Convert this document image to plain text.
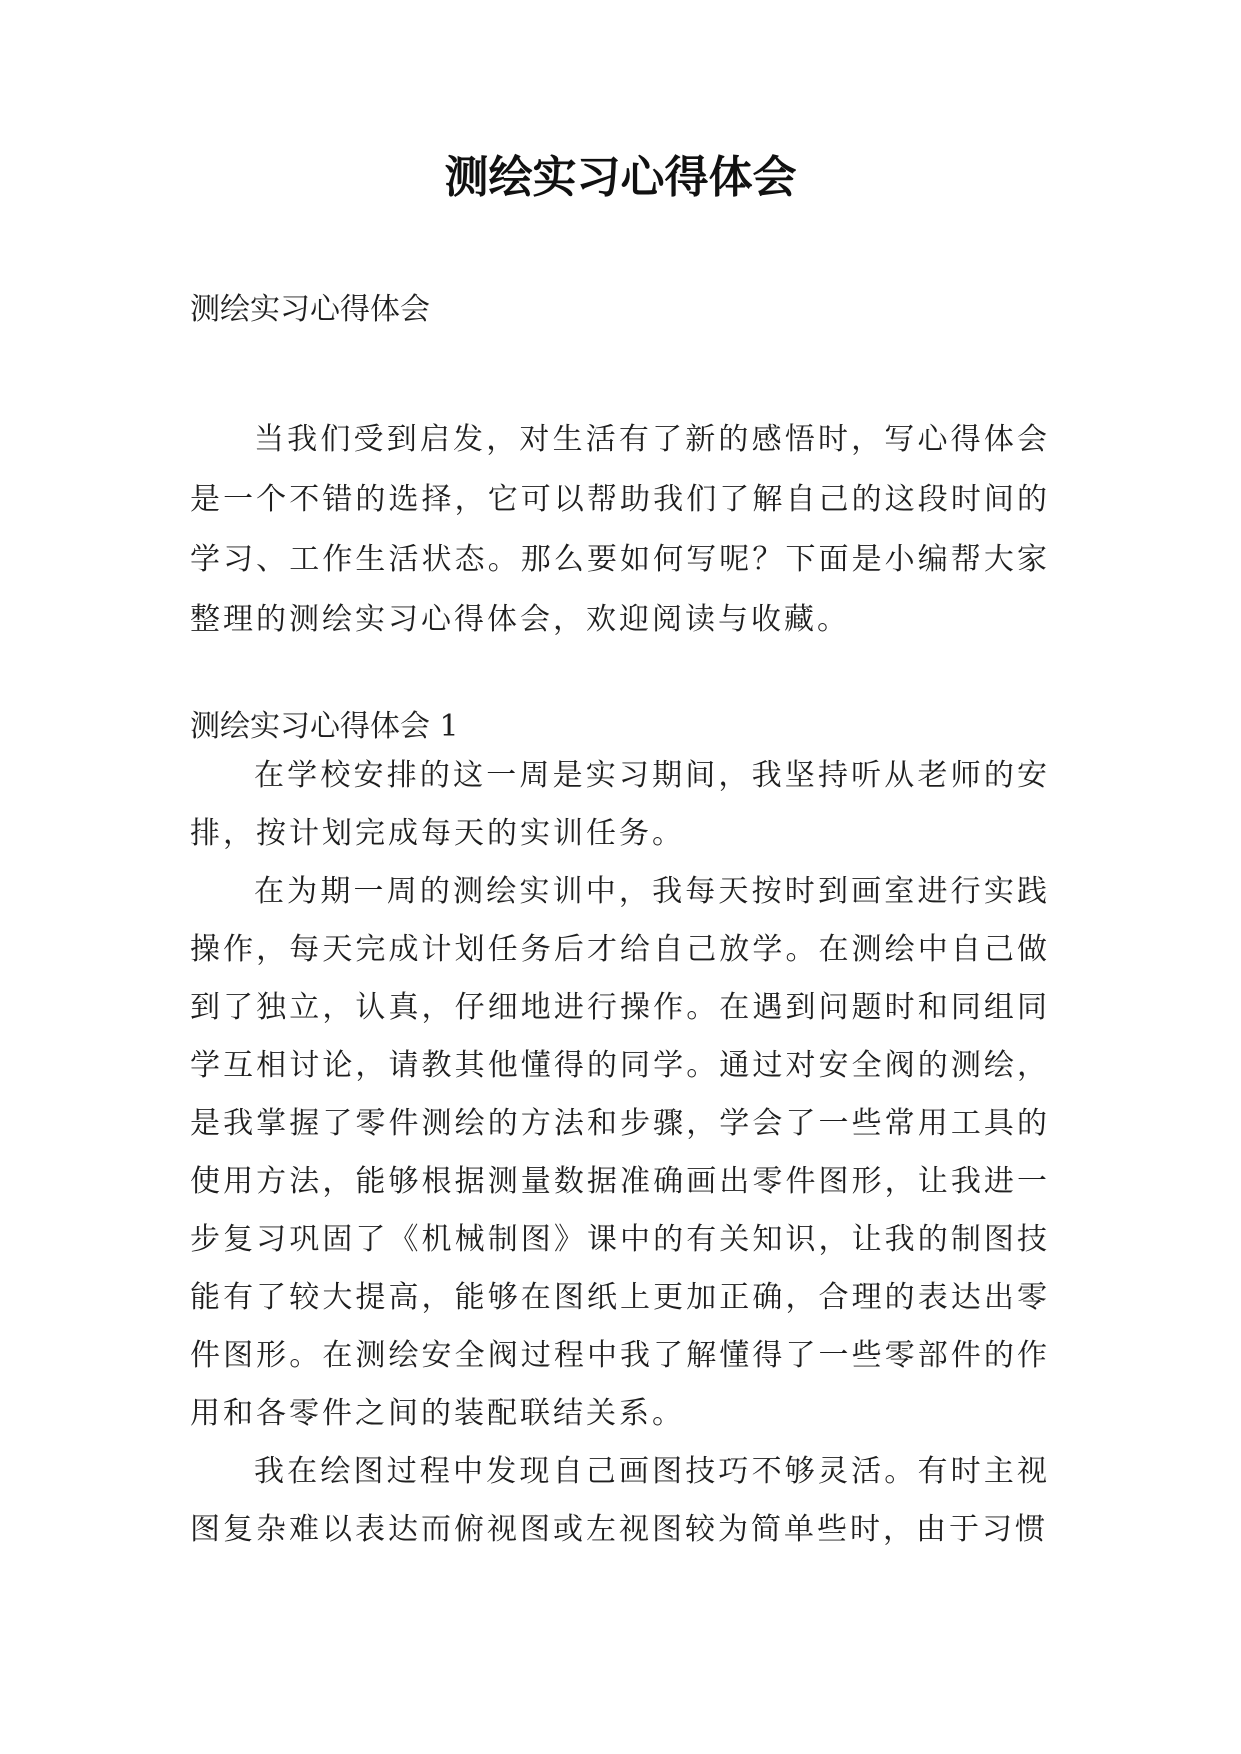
测绘实习心得体会

测绘实习心得体会

当我们受到启发，对生活有了新的感悟时，写心得体会是一个不错的选择，它可以帮助我们了解自己的这段时间的学习、工作生活状态。那么要如何写呢？下面是小编帮大家整理的测绘实习心得体会，欢迎阅读与收藏。

测绘实习心得体会 1

在学校安排的这一周是实习期间，我坚持听从老师的安排，按计划完成每天的实训任务。

在为期一周的测绘实训中，我每天按时到画室进行实践操作，每天完成计划任务后才给自己放学。在测绘中自己做到了独立，认真，仔细地进行操作。在遇到问题时和同组同学互相讨论，请教其他懂得的同学。通过对安全阀的测绘，是我掌握了零件测绘的方法和步骤，学会了一些常用工具的使用方法，能够根据测量数据准确画出零件图形，让我进一步复习巩固了《机械制图》课中的有关知识，让我的制图技能有了较大提高，能够在图纸上更加正确，合理的表达出零件图形。在测绘安全阀过程中我了解懂得了一些零部件的作用和各零件之间的装配联结关系。

我在绘图过程中发现自己画图技巧不够灵活。有时主视图复杂难以表达而俯视图或左视图较为简单些时，由于习惯
